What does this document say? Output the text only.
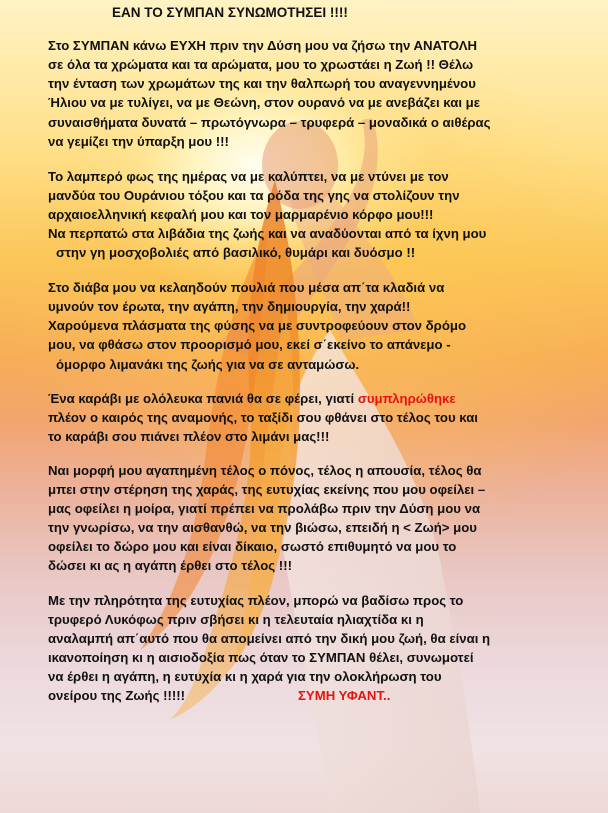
ΕΑΝ ΤΟ ΣΥΜΠΑΝ ΣΥΝΩΜΟΤΗΣΕΙ !!!!
Στο ΣΥΜΠΑΝ κάνω ΕΥΧΗ πριν την Δύση μου να ζήσω την ΑΝΑΤΟΛΗ
σε όλα τα χρώματα και τα αρώματα, μου το χρωστάει η Ζωή !! Θέλω
την ένταση των χρωμάτων της και την θαλπωρή του αναγεννημένου
Ήλιου να με τυλίγει, να με Θεώνη, στον ουρανό να με ανεβάζει και με
συναισθήματα δυνατά – πρωτόγνωρα – τρυφερά – μοναδικά ο αιθέρας
να γεμίζει την ύπαρξη μου !!!
Το λαμπερό φως της ημέρας να με καλύπτει, να με ντύνει με τον
μανδύα του Ουράνιου τόξου και τα ρόδα της γης να στολίζουν την
αρχαιοελληνική κεφαλή μου και τον μαρμαρένιο κόρφο μου!!!
Να περπατώ στα λιβάδια της ζωής και να αναδύονται από τα ίχνη μου
στην γη μοσχοβολιές από βασιλικό, θυμάρι και δυόσμο !!
Στο διάβα μου να κελαηδούν πουλιά που μέσα απ΄τα κλαδιά να
υμνούν τον έρωτα, την αγάπη, την δημιουργία, την χαρά!!
Χαρούμενα πλάσματα της φύσης να με συντροφεύουν στον δρόμο
μου, να φθάσω στον προορισμό μου, εκεί σ΄εκείνο το απάνεμο -
όμορφο λιμανάκι της ζωής για να σε ανταμώσω.
Ένα καράβι με ολόλευκα πανιά θα σε φέρει, γιατί συμπληρώθηκε
πλέον ο καιρός της αναμονής, το ταξίδι σου φθάνει στο τέλος του και
το καράβι σου πιάνει πλέον στο λιμάνι μας!!!
Ναι μορφή μου αγαπημένη τέλος ο πόνος, τέλος η απουσία, τέλος θα
μπει στην στέρηση της χαράς, της ευτυχίας εκείνης που μου οφείλει –
μας οφείλει η μοίρα, γιατί πρέπει να προλάβω πριν την Δύση μου να
την γνωρίσω, να την αισθανθώ, να την βιώσω, επειδή η < Ζωή> μου
οφείλει το δώρο μου και είναι δίκαιο, σωστό επιθυμητό να μου το
δώσει κι ας η αγάπη έρθει στο τέλος !!!
Με την πληρότητα της ευτυχίας πλέον, μπορώ να βαδίσω προς το
τρυφερό Λυκόφως πριν σβήσει κι η τελευταία ηλιαχτίδα κι η
αναλαμπή απ΄αυτό που θα απομείνει από την δική μου ζωή, θα είναι η
ικανοποίηση κι η αισιοδοξία πως όταν το ΣΥΜΠΑΝ θέλει, συνωμοτεί
να έρθει η αγάπη, η ευτυχία κι η χαρά για την ολοκλήρωση του
ονείρου της Ζωής !!!!!	ΣΥΜΗ ΥΦΑΝΤ..
